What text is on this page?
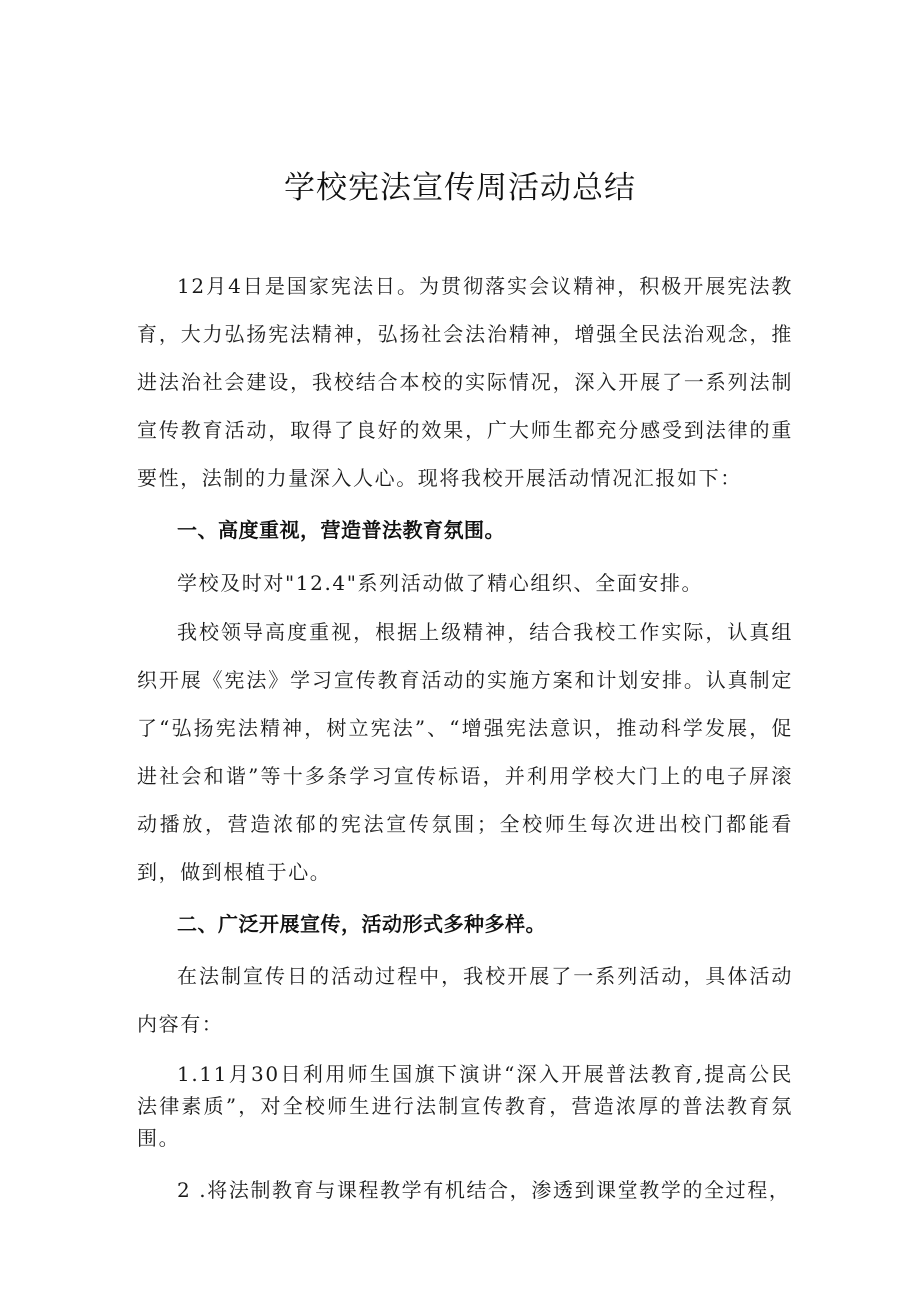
学校宪法宣传周活动总结

12月4日是国家宪法日。为贯彻落实会议精神，积极开展宪法教育，大力弘扬宪法精神，弘扬社会法治精神，增强全民法治观念，推进法治社会建设，我校结合本校的实际情况，深入开展了一系列法制宣传教育活动，取得了良好的效果，广大师生都充分感受到法律的重要性，法制的力量深入人心。现将我校开展活动情况汇报如下：

一、高度重视，营造普法教育氛围。

学校及时对"12.4"系列活动做了精心组织、全面安排。

我校领导高度重视，根据上级精神，结合我校工作实际，认真组织开展《宪法》学习宣传教育活动的实施方案和计划安排。认真制定了“弘扬宪法精神，树立宪法”、“增强宪法意识，推动科学发展，促进社会和谐”等十多条学习宣传标语，并利用学校大门上的电子屏滚动播放，营造浓郁的宪法宣传氛围；全校师生每次进出校门都能看到，做到根植于心。

二、广泛开展宣传，活动形式多种多样。

在法制宣传日的活动过程中，我校开展了一系列活动，具体活动内容有：

1.11月30日利用师生国旗下演讲“深入开展普法教育,提高公民法律素质”，对全校师生进行法制宣传教育，营造浓厚的普法教育氛围。

2 .将法制教育与课程教学有机结合，渗透到课堂教学的全过程，
